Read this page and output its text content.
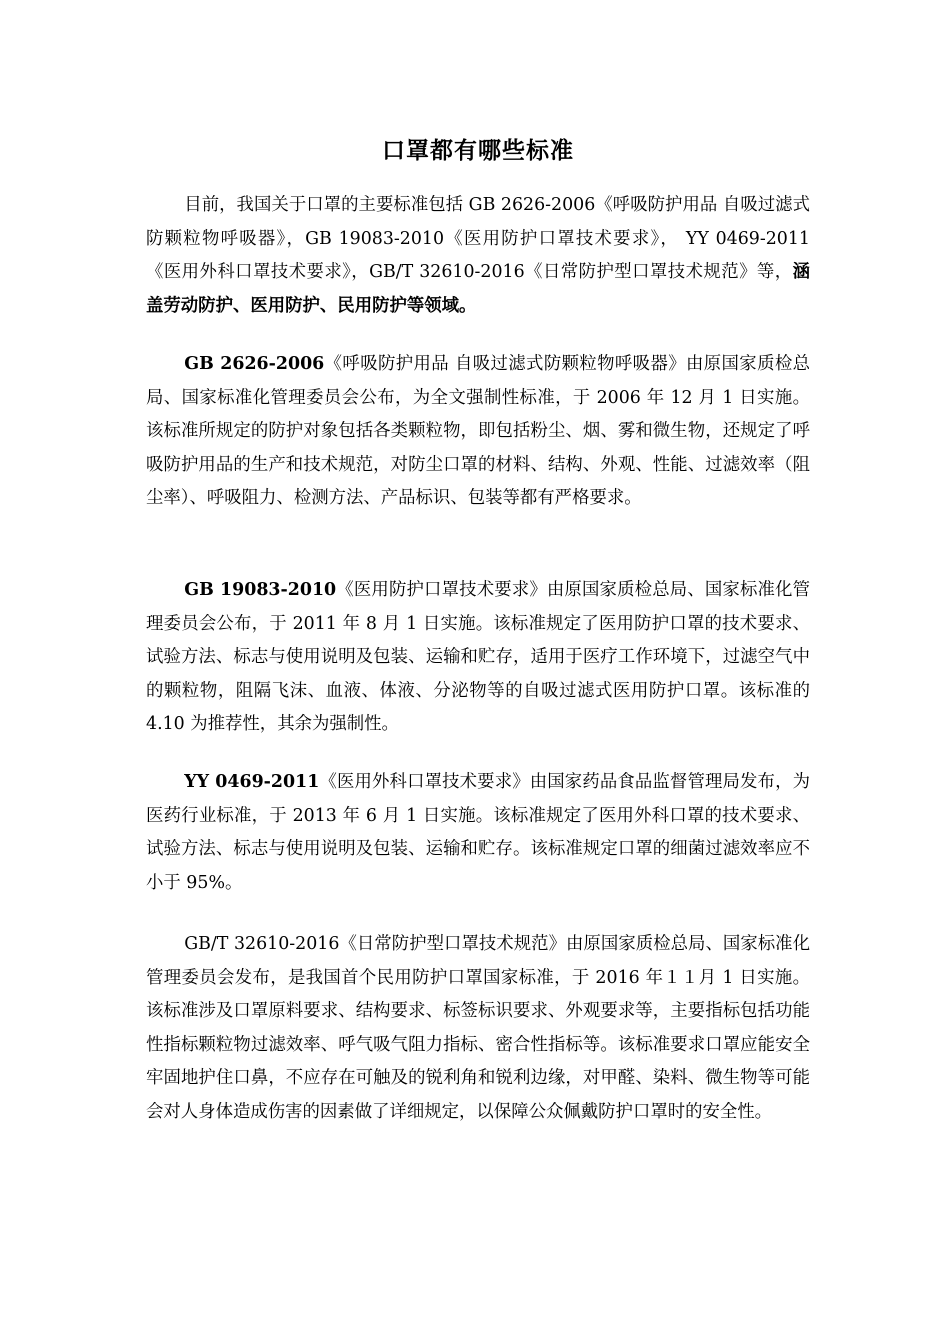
口罩都有哪些标准

目前，我国关于口罩的主要标准包括 GB 2626-2006《呼吸防护用品 自吸过滤式防颗粒物呼吸器》，GB 19083-2010《医用防护口罩技术要求》， YY 0469-2011《医用外科口罩技术要求》，GB/T 32610-2016《日常防护型口罩技术规范》等，涵盖劳动防护、医用防护、民用防护等领域。

GB 2626-2006《呼吸防护用品 自吸过滤式防颗粒物呼吸器》由原国家质检总局、国家标准化管理委员会公布，为全文强制性标准，于 2006 年 12 月 1 日实施。该标准所规定的防护对象包括各类颗粒物，即包括粉尘、烟、雾和微生物，还规定了呼吸防护用品的生产和技术规范，对防尘口罩的材料、结构、外观、性能、过滤效率（阻尘率）、呼吸阻力、检测方法、产品标识、包装等都有严格要求。

GB 19083-2010《医用防护口罩技术要求》由原国家质检总局、国家标准化管理委员会公布，于 2011 年 8 月 1 日实施。该标准规定了医用防护口罩的技术要求、试验方法、标志与使用说明及包装、运输和贮存，适用于医疗工作环境下，过滤空气中的颗粒物，阻隔飞沫、血液、体液、分泌物等的自吸过滤式医用防护口罩。该标准的 4.10 为推荐性，其余为强制性。

YY 0469-2011《医用外科口罩技术要求》由国家药品食品监督管理局发布，为医药行业标准，于 2013 年 6 月 1 日实施。该标准规定了医用外科口罩的技术要求、试验方法、标志与使用说明及包装、运输和贮存。该标准规定口罩的细菌过滤效率应不小于 95%。

GB/T 32610-2016《日常防护型口罩技术规范》由原国家质检总局、国家标准化管理委员会发布，是我国首个民用防护口罩国家标准，于 2016 年１１月 1 日实施。该标准涉及口罩原料要求、结构要求、标签标识要求、外观要求等，主要指标包括功能性指标颗粒物过滤效率、呼气吸气阻力指标、密合性指标等。该标准要求口罩应能安全牢固地护住口鼻，不应存在可触及的锐利角和锐利边缘，对甲醛、染料、微生物等可能会对人身体造成伤害的因素做了详细规定，以保障公众佩戴防护口罩时的安全性。
